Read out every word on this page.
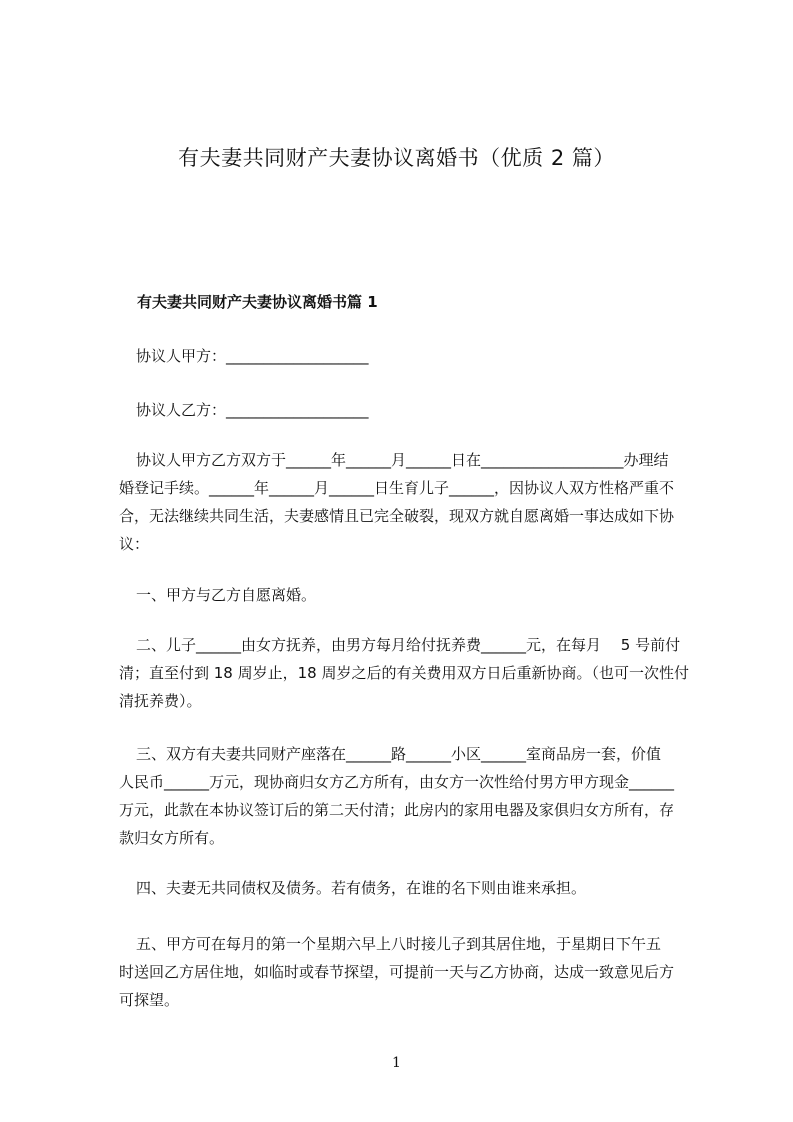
有夫妻共同财产夫妻协议离婚书（优质 2 篇）
有夫妻共同财产夫妻协议离婚书篇 1
协议人甲方：___________________
协议人乙方：___________________
协议人甲方乙方双方于______年______月______日在___________________办理结
婚登记手续。______年______月______日生育儿子______，因协议人双方性格严重不
合，无法继续共同生活，夫妻感情且已完全破裂，现双方就自愿离婚一事达成如下协
议：
一、甲方与乙方自愿离婚。
二、儿子______由女方抚养，由男方每月给付抚养费______元，在每月　 5 号前付
清；直至付到 18 周岁止，18 周岁之后的有关费用双方日后重新协商。（也可一次性付
清抚养费）。
三、双方有夫妻共同财产座落在______路______小区______室商品房一套，价值
人民币______万元，现协商归女方乙方所有，由女方一次性给付男方甲方现金______
万元，此款在本协议签订后的第二天付清；此房内的家用电器及家俱归女方所有，存
款归女方所有。
四、夫妻无共同债权及债务。若有债务，在谁的名下则由谁来承担。
五、甲方可在每月的第一个星期六早上八时接儿子到其居住地，于星期日下午五
时送回乙方居住地，如临时或春节探望，可提前一天与乙方协商，达成一致意见后方
可探望。
1
